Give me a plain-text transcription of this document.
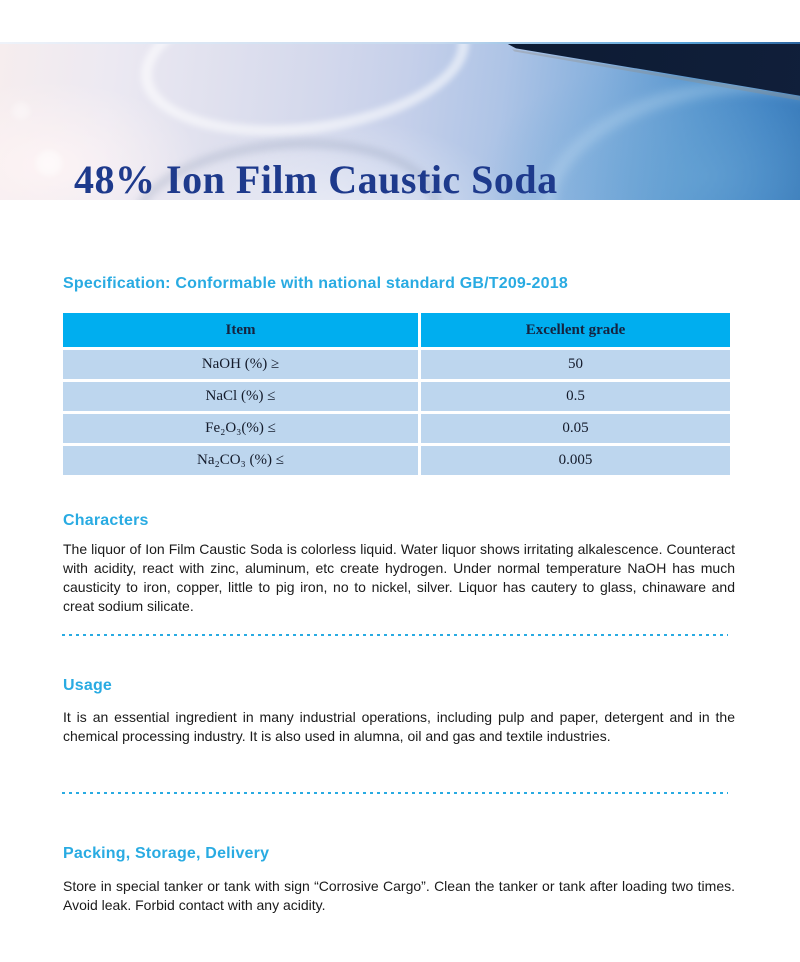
48% Ion Film Caustic Soda
Specification: Conformable with national standard GB/T209-2018
Item	Excellent grade
NaOH (%) ≥	50
NaCl (%) ≤	0.5
Fe₂O₃(%) ≤	0.05
Na₂CO₃ (%) ≤	0.005
Characters
The liquor of Ion Film Caustic Soda is colorless liquid. Water liquor shows irritating alkalescence. Counteract with acidity, react with zinc, aluminum, etc create hydrogen. Under normal temperature NaOH has much causticity to iron, copper, little to pig iron, no to nickel, silver. Liquor has cautery to glass, chinaware and creat sodium silicate.
Usage
It is an essential ingredient in many industrial operations, including pulp and paper, detergent and in the chemical processing industry. It is also used in alumna, oil and gas and textile industries.
Packing, Storage, Delivery
Store in special tanker or tank with sign “Corrosive Cargo”. Clean the tanker or tank after loading two times. Avoid leak. Forbid contact with any acidity.
